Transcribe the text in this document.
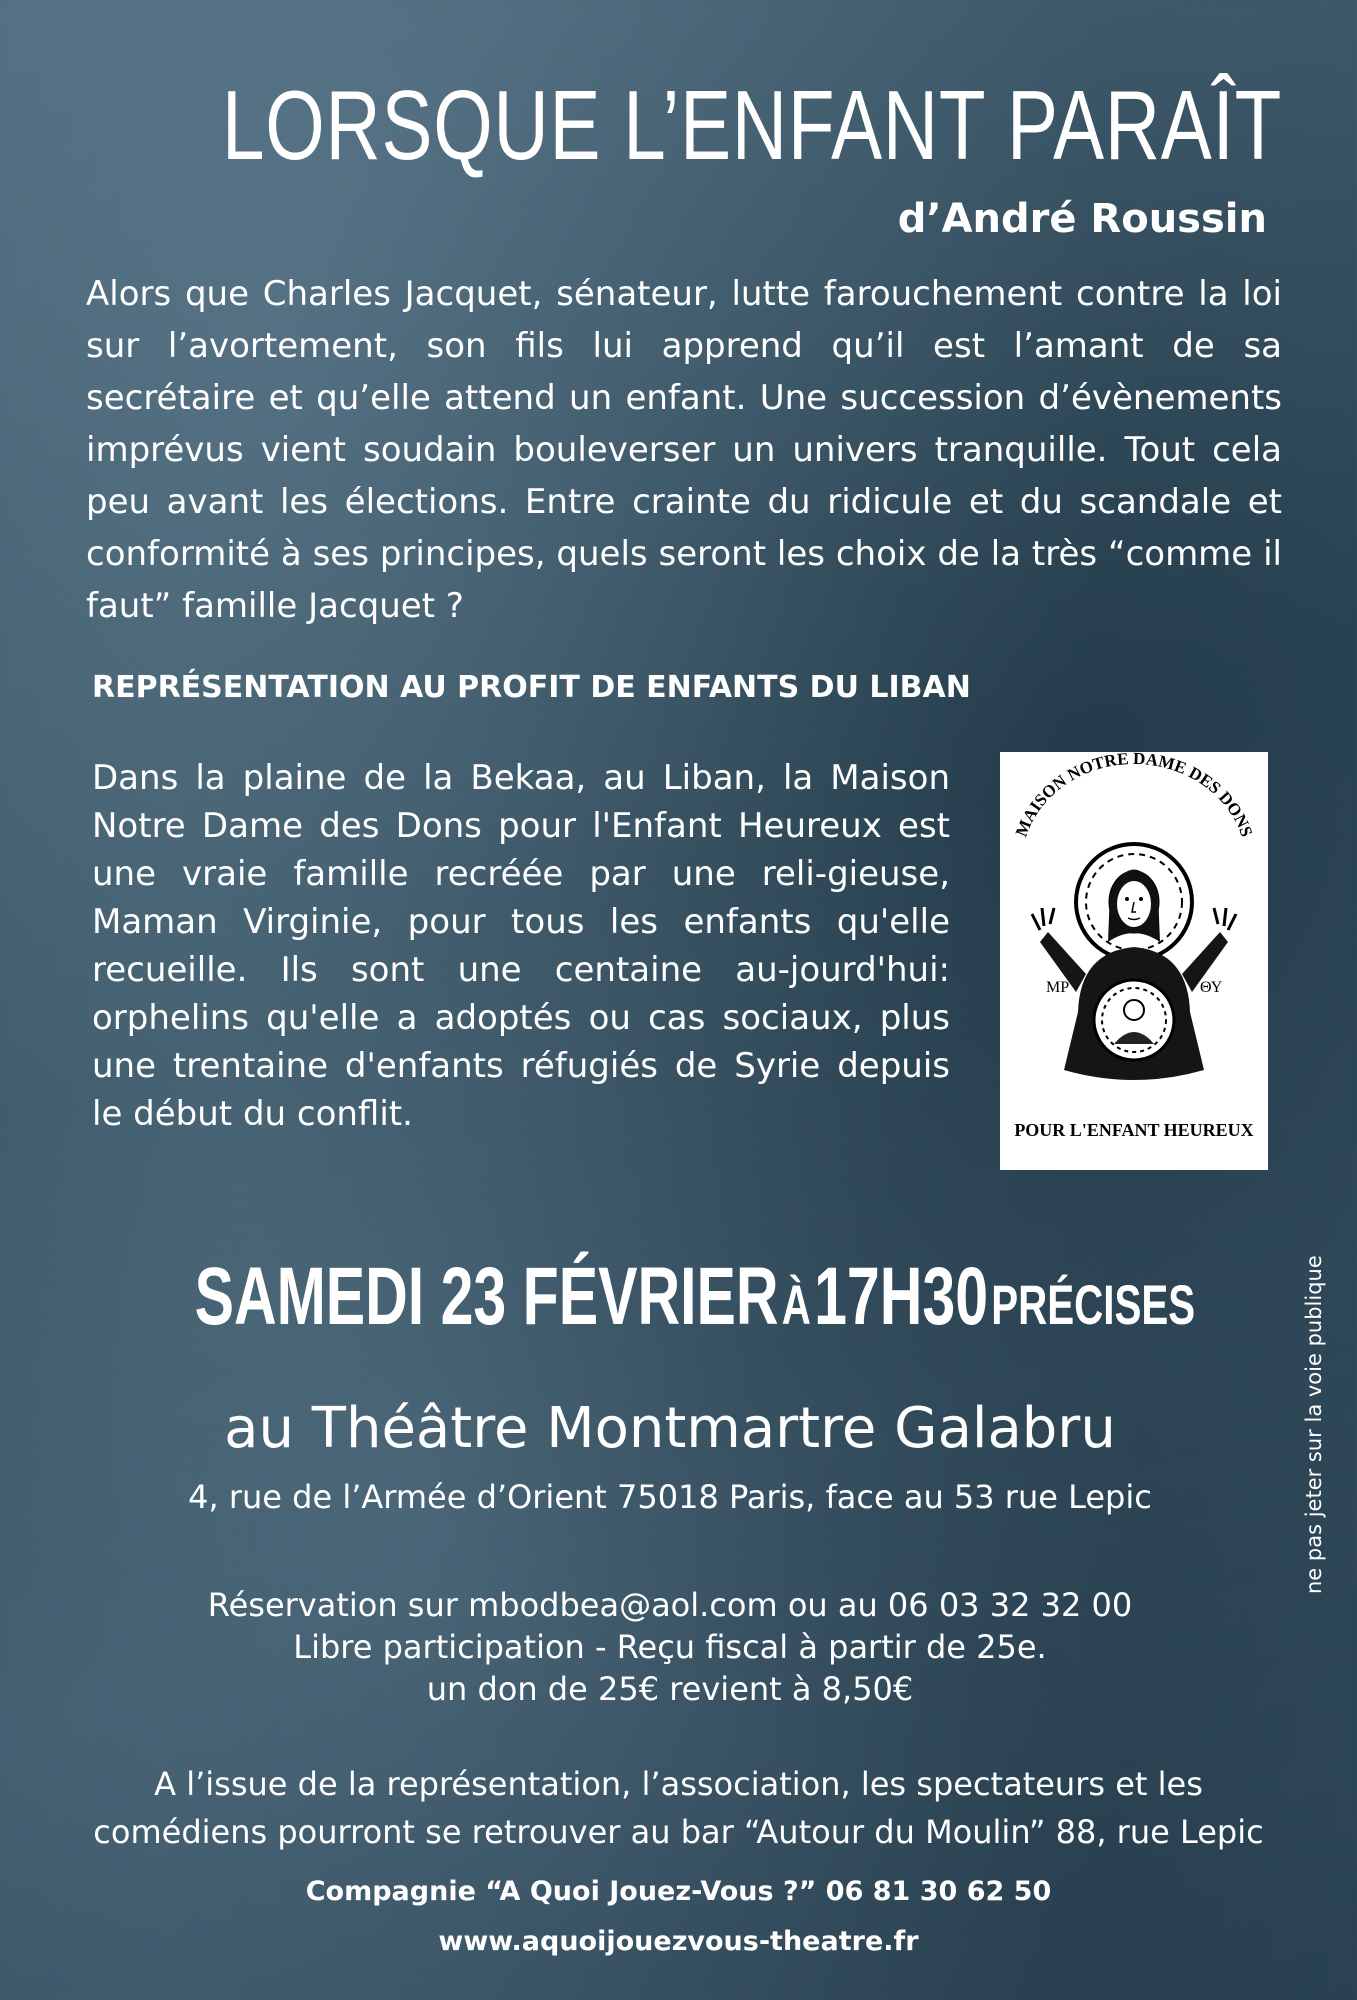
LORSQUE L’ENFANT PARAÎT
d’André Roussin

Alors que Charles Jacquet, sénateur, lutte farouchement contre la loi sur l’avortement, son fils lui apprend qu’il est l’amant de sa secrétaire et qu’elle attend un enfant. Une succession d’évènements imprévus vient soudain bouleverser un univers tranquille. Tout cela peu avant les élections. Entre crainte du ridicule et du scandale et conformité à ses principes, quels seront les choix de la très “comme il faut” famille Jacquet ?

REPRÉSENTATION AU PROFIT DE ENFANTS DU LIBAN

Dans la plaine de la Bekaa, au Liban, la Maison Notre Dame des Dons pour l'Enfant Heureux est une vraie famille recréée par une reli-gieuse, Maman Virginie, pour tous les enfants qu'elle recueille. Ils sont une centaine au-jourd'hui: orphelins qu'elle a adoptés ou cas sociaux, plus une trentaine d'enfants réfugiés de Syrie depuis le début du conflit.

MAISON NOTRE DAME DES DONS
ΜΡ	ΘΥ
POUR L'ENFANT HEUREUX
SAMEDI 23 FÉVRIER À 17H30 PRÉCISES
au Théâtre Montmartre Galabru
4, rue de l’Armée d’Orient 75018 Paris, face au 53 rue Lepic
Réservation sur mbodbea@aol.com ou au 06 03 32 32 00
Libre participation - Reçu fiscal à partir de 25e.
un don de 25€ revient à 8,50€
A l’issue de la représentation, l’association, les spectateurs et les
comédiens pourront se retrouver au bar “Autour du Moulin” 88, rue Lepic
Compagnie “A Quoi Jouez-Vous ?” 06 81 30 62 50
www.aquoijouezvous-theatre.fr
ne pas jeter sur la voie publique
